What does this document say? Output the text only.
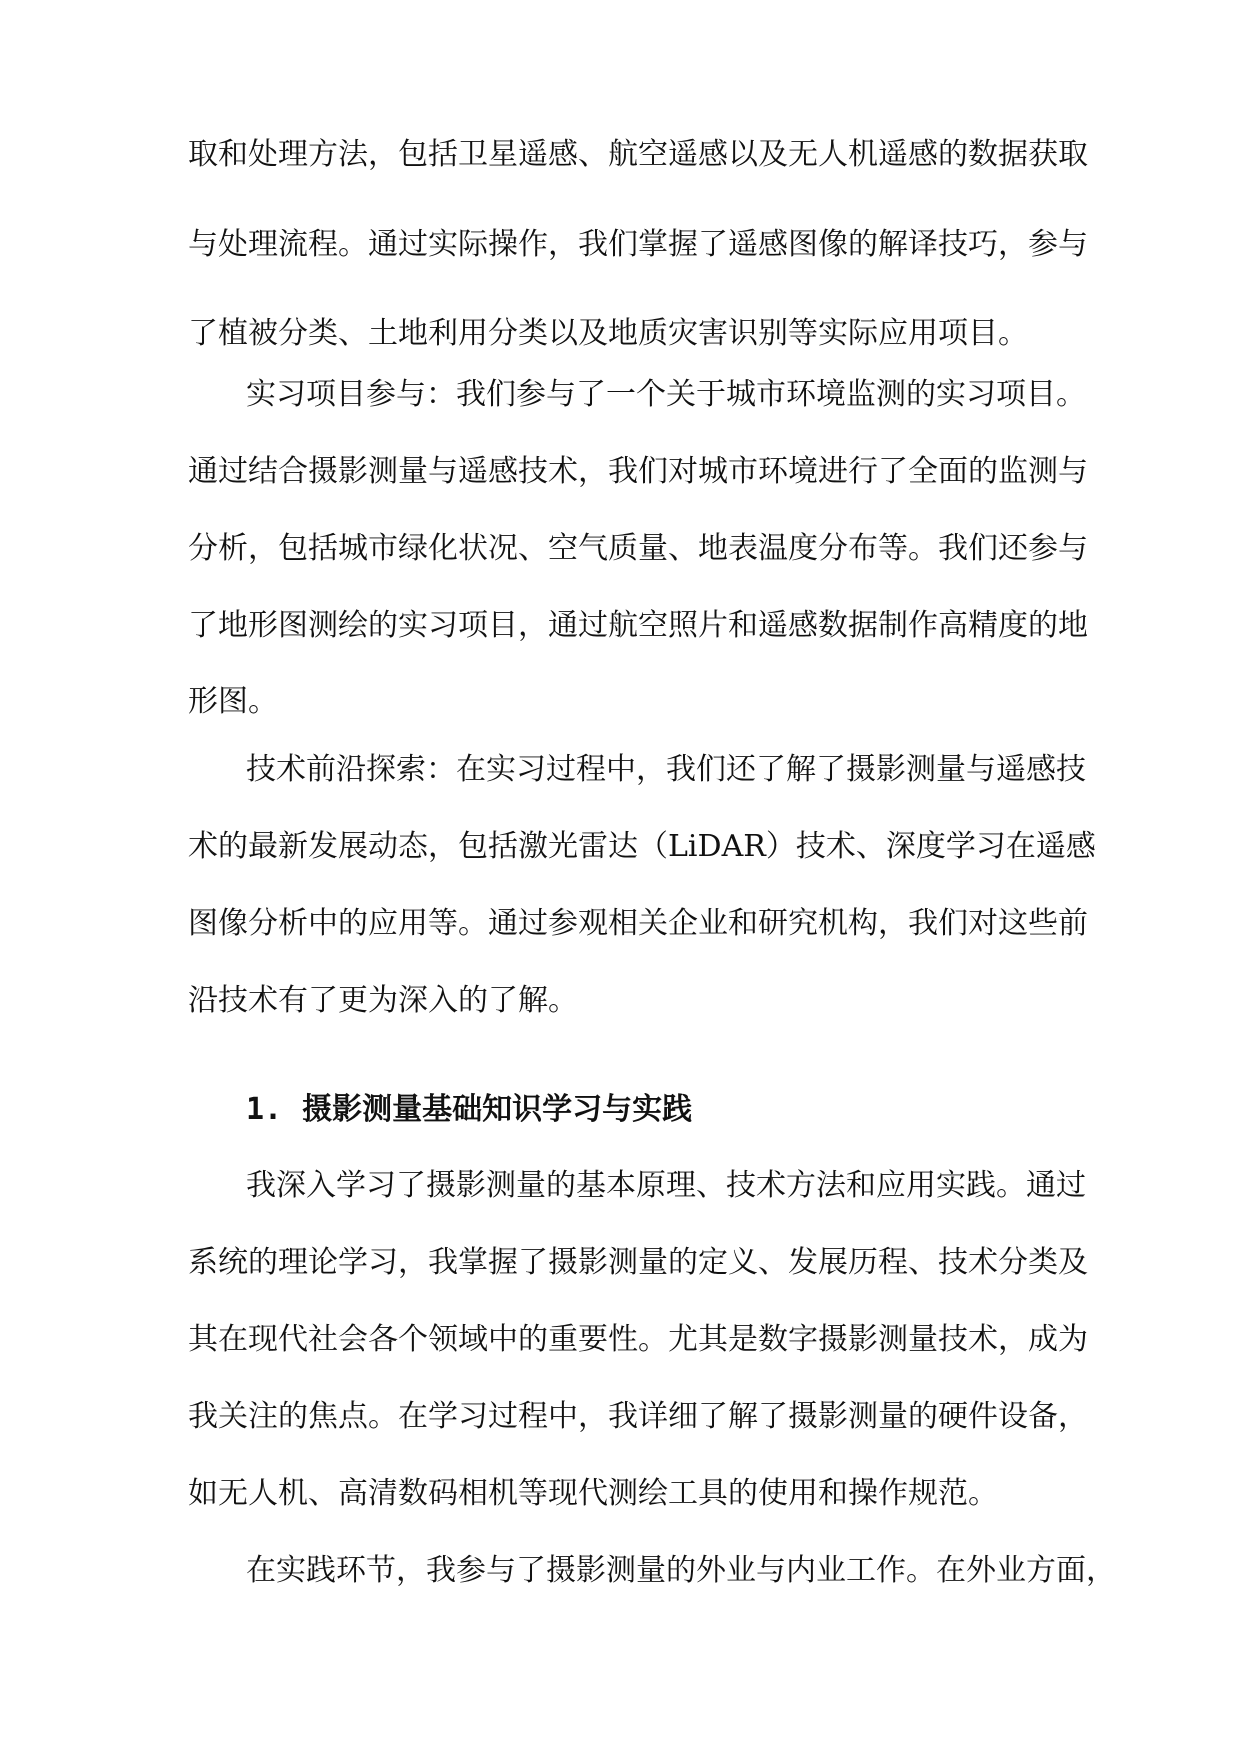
取和处理方法，包括卫星遥感、航空遥感以及无人机遥感的数据获取
与处理流程。通过实际操作，我们掌握了遥感图像的解译技巧，参与
了植被分类、土地利用分类以及地质灾害识别等实际应用项目。
实习项目参与：我们参与了一个关于城市环境监测的实习项目。
通过结合摄影测量与遥感技术，我们对城市环境进行了全面的监测与
分析，包括城市绿化状况、空气质量、地表温度分布等。我们还参与
了地形图测绘的实习项目，通过航空照片和遥感数据制作高精度的地
形图。
技术前沿探索：在实习过程中，我们还了解了摄影测量与遥感技
术的最新发展动态，包括激光雷达（LiDAR）技术、深度学习在遥感
图像分析中的应用等。通过参观相关企业和研究机构，我们对这些前
沿技术有了更为深入的了解。
1. 摄影测量基础知识学习与实践
我深入学习了摄影测量的基本原理、技术方法和应用实践。通过
系统的理论学习，我掌握了摄影测量的定义、发展历程、技术分类及
其在现代社会各个领域中的重要性。尤其是数字摄影测量技术，成为
我关注的焦点。在学习过程中，我详细了解了摄影测量的硬件设备，
如无人机、高清数码相机等现代测绘工具的使用和操作规范。
在实践环节，我参与了摄影测量的外业与内业工作。在外业方面，
